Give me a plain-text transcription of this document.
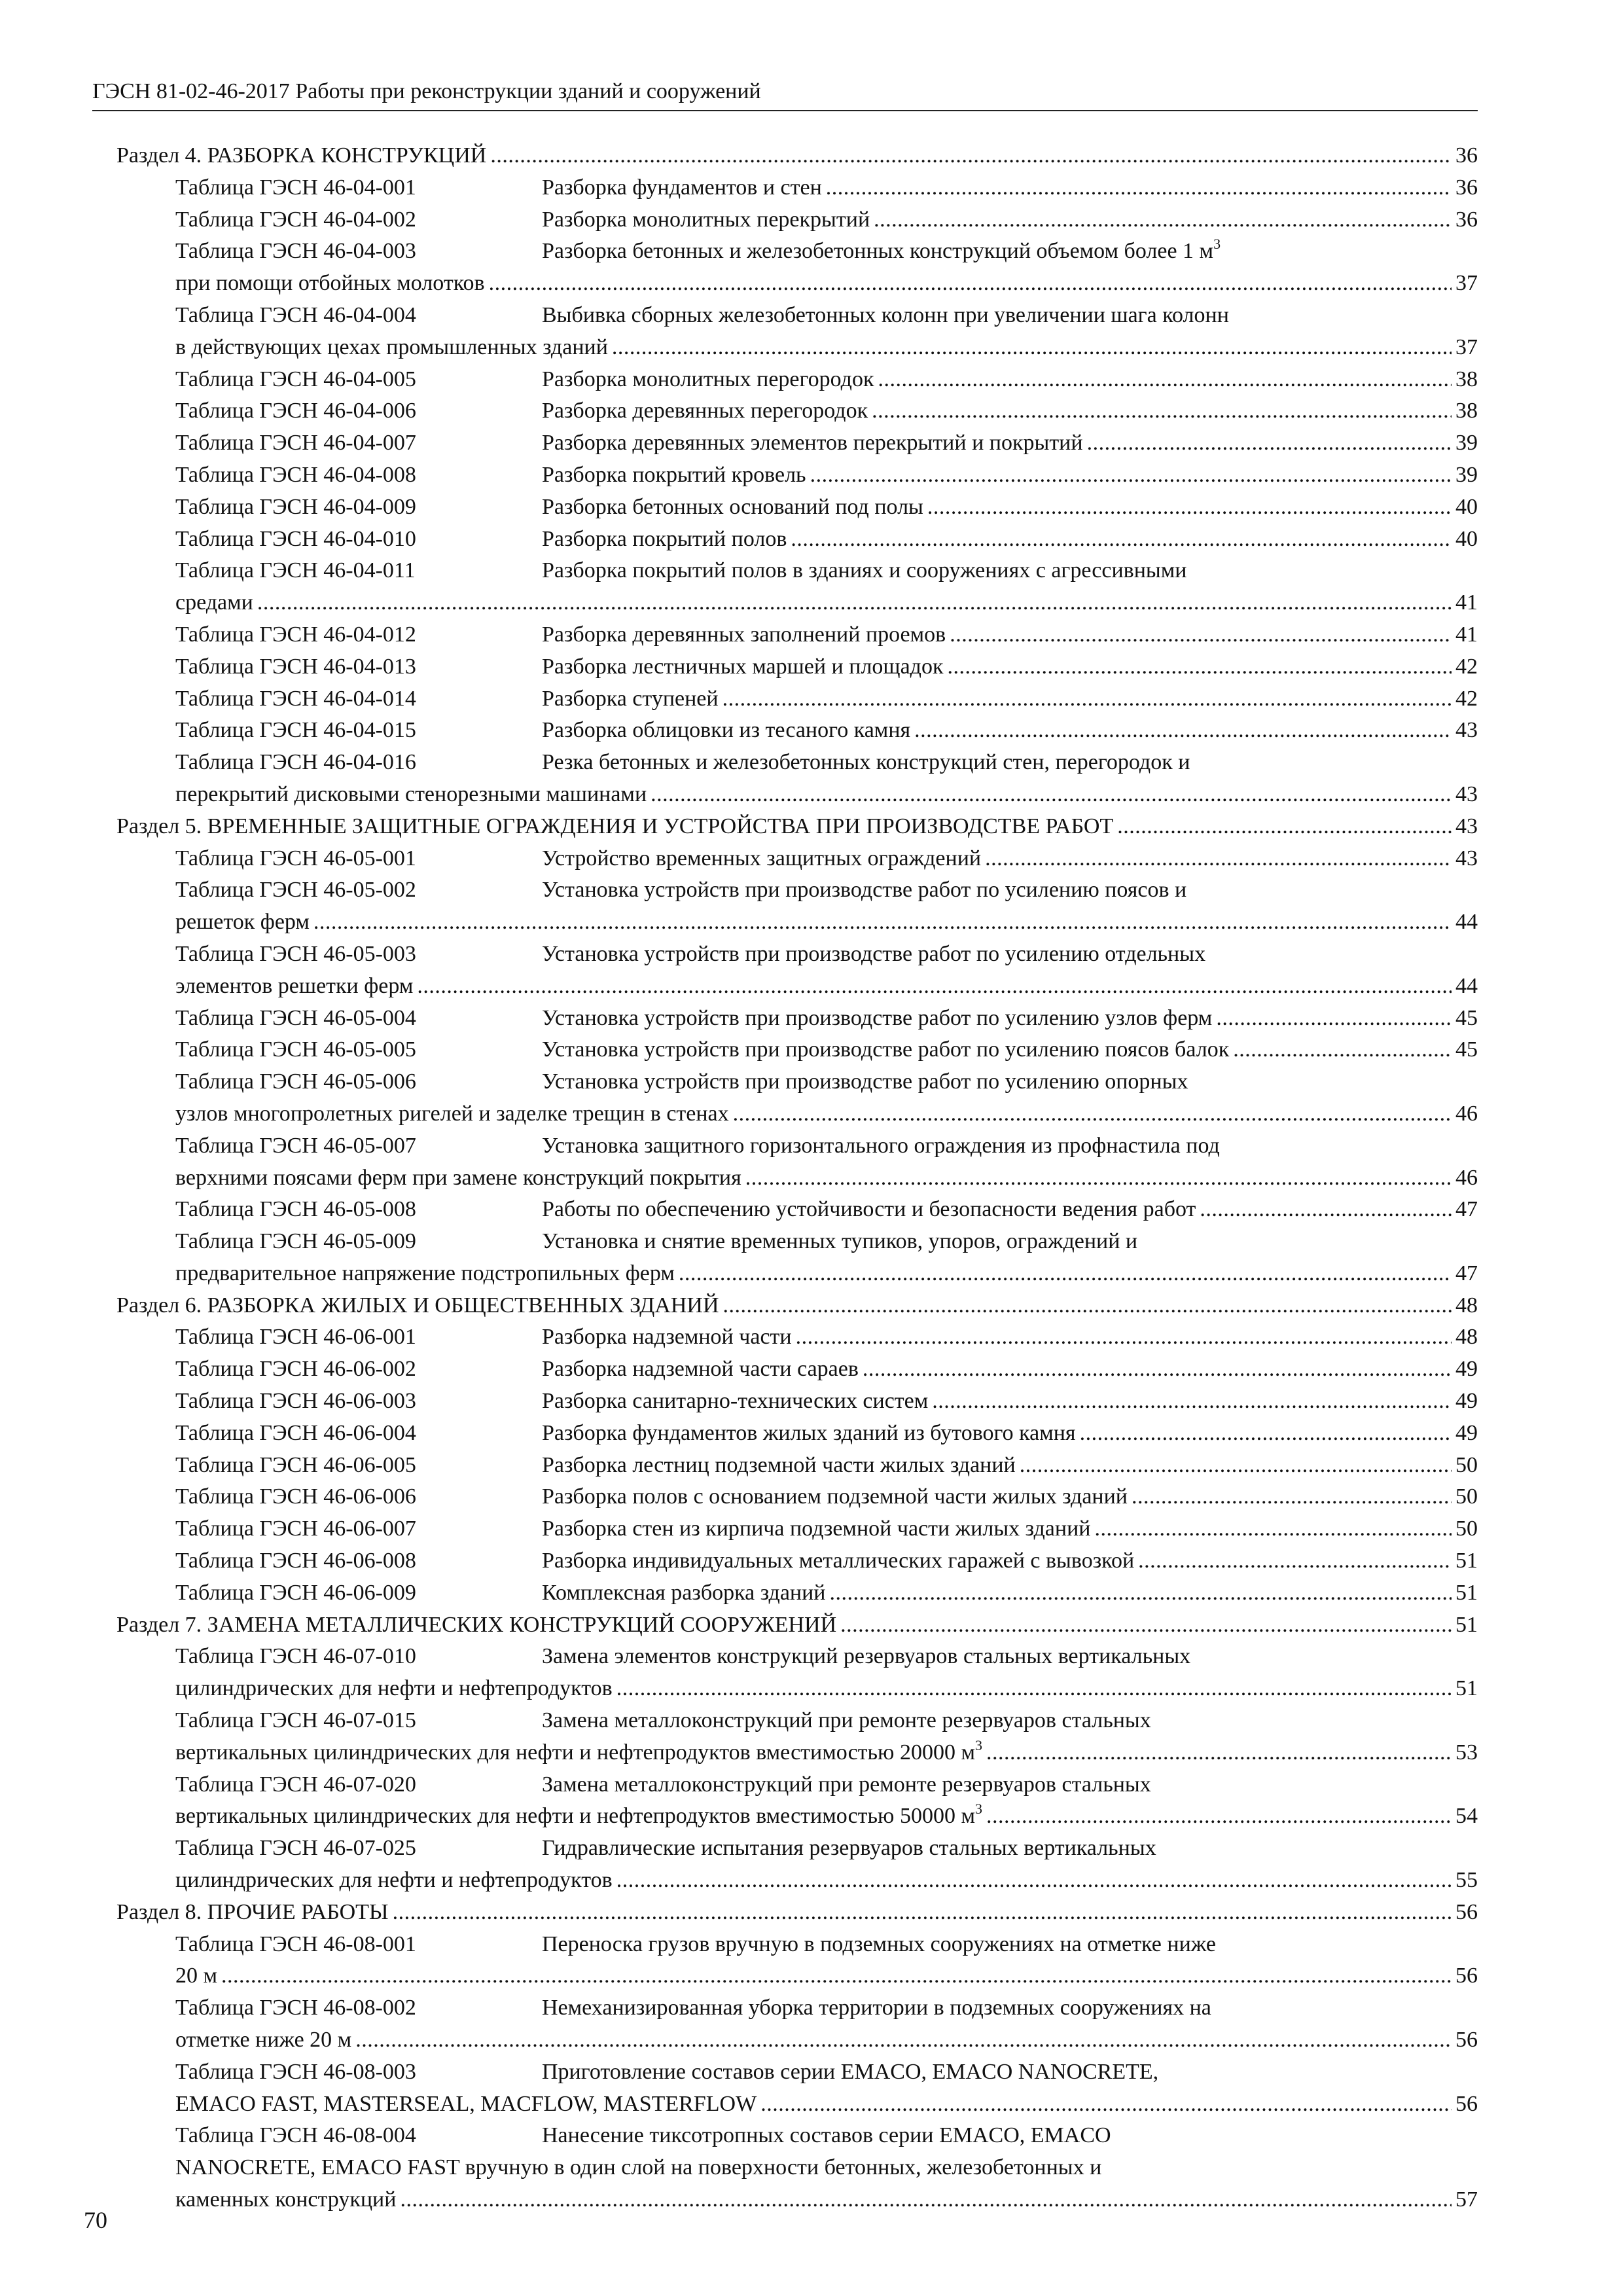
ГЭСН 81-02-46-2017 Работы при реконструкции зданий и сооружений
Раздел 4. РАЗБОРКА КОНСТРУКЦИЙ .....	36
Таблица ГЭСН 46-04-001	Разборка фундаментов и стен .....	36
Таблица ГЭСН 46-04-002	Разборка монолитных перекрытий .....	36
Таблица ГЭСН 46-04-003	Разборка бетонных и железобетонных конструкций объемом более 1 $м^3$
при помощи отбойных молотков .....	37
Таблица ГЭСН 46-04-004	Выбивка сборных железобетонных колонн при увеличении шага колонн
в действующих цехах промышленных зданий .....	37
Таблица ГЭСН 46-04-005	Разборка монолитных перегородок .....	38
Таблица ГЭСН 46-04-006	Разборка деревянных перегородок .....	38
Таблица ГЭСН 46-04-007	Разборка деревянных элементов перекрытий и покрытий .....	39
Таблица ГЭСН 46-04-008	Разборка покрытий кровель .....	39
Таблица ГЭСН 46-04-009	Разборка бетонных оснований под полы .....	40
Таблица ГЭСН 46-04-010	Разборка покрытий полов .....	40
Таблица ГЭСН 46-04-011	Разборка покрытий полов в зданиях и сооружениях с агрессивными
средами .....	41
Таблица ГЭСН 46-04-012	Разборка деревянных заполнений проемов .....	41
Таблица ГЭСН 46-04-013	Разборка лестничных маршей и площадок .....	42
Таблица ГЭСН 46-04-014	Разборка ступеней .....	42
Таблица ГЭСН 46-04-015	Разборка облицовки из тесаного камня .....	43
Таблица ГЭСН 46-04-016	Резка бетонных и железобетонных конструкций стен, перегородок и
перекрытий дисковыми стенорезными машинами .....	43
Раздел 5. ВРЕМЕННЫЕ ЗАЩИТНЫЕ ОГРАЖДЕНИЯ И УСТРОЙСТВА ПРИ ПРОИЗВОДСТВЕ РАБОТ .....	43
Таблица ГЭСН 46-05-001	Устройство временных защитных ограждений .....	43
Таблица ГЭСН 46-05-002	Установка устройств при производстве работ по усилению поясов и
решеток ферм .....	44
Таблица ГЭСН 46-05-003	Установка устройств при производстве работ по усилению отдельных
элементов решетки ферм .....	44
Таблица ГЭСН 46-05-004	Установка устройств при производстве работ по усилению узлов ферм .....	45
Таблица ГЭСН 46-05-005	Установка устройств при производстве работ по усилению поясов балок .....	45
Таблица ГЭСН 46-05-006	Установка устройств при производстве работ по усилению опорных
узлов многопролетных ригелей и заделке трещин в стенах .....	46
Таблица ГЭСН 46-05-007	Установка защитного горизонтального ограждения из профнастила под
верхними поясами ферм при замене конструкций покрытия .....	46
Таблица ГЭСН 46-05-008	Работы по обеспечению устойчивости и безопасности ведения работ .....	47
Таблица ГЭСН 46-05-009	Установка и снятие временных тупиков, упоров, ограждений и
предварительное напряжение подстропильных ферм .....	47
Раздел 6. РАЗБОРКА ЖИЛЫХ И ОБЩЕСТВЕННЫХ ЗДАНИЙ .....	48
Таблица ГЭСН 46-06-001	Разборка надземной части .....	48
Таблица ГЭСН 46-06-002	Разборка надземной части сараев .....	49
Таблица ГЭСН 46-06-003	Разборка санитарно-технических систем .....	49
Таблица ГЭСН 46-06-004	Разборка фундаментов жилых зданий из бутового камня .....	49
Таблица ГЭСН 46-06-005	Разборка лестниц подземной части жилых зданий .....	50
Таблица ГЭСН 46-06-006	Разборка полов с основанием подземной части жилых зданий .....	50
Таблица ГЭСН 46-06-007	Разборка стен из кирпича подземной части жилых зданий .....	50
Таблица ГЭСН 46-06-008	Разборка индивидуальных металлических гаражей с вывозкой .....	51
Таблица ГЭСН 46-06-009	Комплексная разборка зданий .....	51
Раздел 7. ЗАМЕНА МЕТАЛЛИЧЕСКИХ КОНСТРУКЦИЙ СООРУЖЕНИЙ .....	51
Таблица ГЭСН 46-07-010	Замена элементов конструкций резервуаров стальных вертикальных
цилиндрических для нефти и нефтепродуктов .....	51
Таблица ГЭСН 46-07-015	Замена металлоконструкций при ремонте резервуаров стальных
вертикальных цилиндрических для нефти и нефтепродуктов вместимостью 20000 $м^3$ .....	53
Таблица ГЭСН 46-07-020	Замена металлоконструкций при ремонте резервуаров стальных
вертикальных цилиндрических для нефти и нефтепродуктов вместимостью 50000 $м^3$ .....	54
Таблица ГЭСН 46-07-025	Гидравлические испытания резервуаров стальных вертикальных
цилиндрических для нефти и нефтепродуктов .....	55
Раздел 8. ПРОЧИЕ РАБОТЫ .....	56
Таблица ГЭСН 46-08-001	Переноска грузов вручную в подземных сооружениях на отметке ниже
20 м .....	56
Таблица ГЭСН 46-08-002	Немеханизированная уборка территории в подземных сооружениях на
отметке ниже 20 м .....	56
Таблица ГЭСН 46-08-003	Приготовление составов серии EMACO, EMACO NANOCRETE,
EMACO FAST, MASTERSEAL, MACFLOW, MASTERFLOW .....	56
Таблица ГЭСН 46-08-004	Нанесение тиксотропных составов серии EMACO, EMACO
NANOCRETE, EMACO FAST вручную в один слой на поверхности бетонных, железобетонных и
каменных конструкций .....	57
70
